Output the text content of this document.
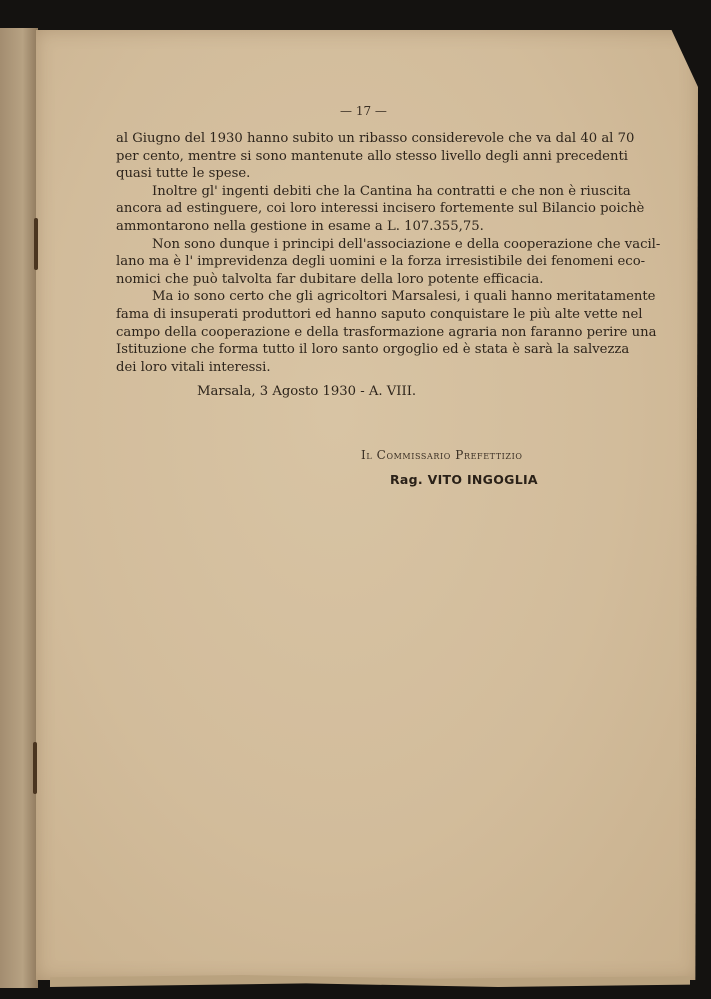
— 17 —
al Giugno del 1930 hanno subito un ribasso considerevole che va dal 40 al 70
per cento, mentre si sono mantenute allo stesso livello degli anni precedenti
quasi tutte le spese.
Inoltre gl' ingenti debiti che la Cantina ha contratti e che non è riuscita
ancora ad estinguere, coi loro interessi incisero fortemente sul Bilancio poichè
ammontarono nella gestione in esame a L. 107.355,75.
Non sono dunque i principi dell'associazione e della cooperazione che vacil-
lano ma è l' imprevidenza degli uomini e la forza irresistibile dei fenomeni eco-
nomici che può talvolta far dubitare della loro potente efficacia.
Ma io sono certo che gli agricoltori Marsalesi, i quali hanno meritatamente
fama di insuperati produttori ed hanno saputo conquistare le più alte vette nel
campo della cooperazione e della trasformazione agraria non faranno perire una
Istituzione che forma tutto il loro santo orgoglio ed è stata è sarà la salvezza
dei loro vitali interessi.
Marsala, 3 Agosto 1930 - A. VIII.
Il Commissario Prefettizio
Rag. VITO INGOGLIA
